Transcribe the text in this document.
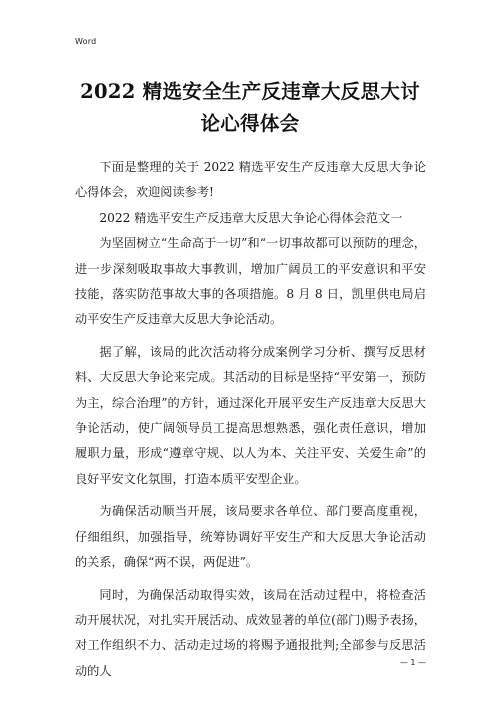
Word
2022 精选安全生产反违章大反思大讨论心得体会

下面是整理的关于 2022 精选平安生产反违章大反思大争论心得体会，欢迎阅读参考!

2022 精选平安生产反违章大反思大争论心得体会范文一

为坚固树立“生命高于一切”和“一切事故都可以预防的理念，进一步深刻吸取事故大事教训，增加广阔员工的平安意识和平安技能，落实防范事故大事的各项措施。8 月 8 日，凯里供电局启动平安生产反违章大反思大争论活动。

据了解，该局的此次活动将分成案例学习分析、撰写反思材料、大反思大争论来完成。其活动的目标是坚持“平安第一，预防为主，综合治理”的方针，通过深化开展平安生产反违章大反思大争论活动，使广阔领导员工提高思想熟悉，强化责任意识，增加履职力量，形成“遵章守规、以人为本、关注平安、关爱生命”的良好平安文化氛围，打造本质平安型企业。

为确保活动顺当开展，该局要求各单位、部门要高度重视，仔细组织，加强指导，统筹协调好平安生产和大反思大争论活动的关系，确保“两不误，两促进”。

同时，为确保活动取得实效，该局在活动过程中，将检查活动开展状况，对扎实开展活动、成效显著的单位(部门)赐予表扬，对工作组织不力、活动走过场的将赐予通报批判;全部参与反思活动的人

— 1 —
